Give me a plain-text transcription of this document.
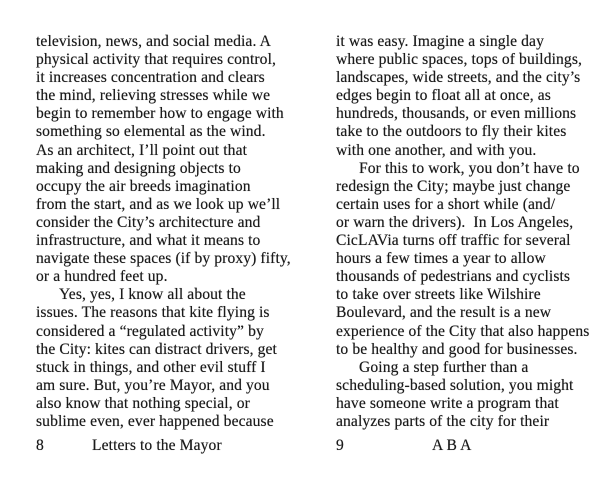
television, news, and social media. A
physical activity that requires control,
it increases concentration and clears
the mind, relieving stresses while we
begin to remember how to engage with
something so elemental as the wind.
As an architect, I’ll point out that
making and designing objects to
occupy the air breeds imagination
from the start, and as we look up we’ll
consider the City’s architecture and
infrastructure, and what it means to
navigate these spaces (if by proxy) fifty,
or a hundred feet up.
Yes, yes, I know all about the
issues. The reasons that kite flying is
considered a “regulated activity” by
the City: kites can distract drivers, get
stuck in things, and other evil stuff I
am sure. But, you’re Mayor, and you
also know that nothing special, or
sublime even, ever happened because
it was easy. Imagine a single day
where public spaces, tops of buildings,
landscapes, wide streets, and the city’s
edges begin to float all at once, as
hundreds, thousands, or even millions
take to the outdoors to fly their kites
with one another, and with you.
For this to work, you don’t have to
redesign the City; maybe just change
certain uses for a short while (and/
or warn the drivers).  In Los Angeles,
CicLAVia turns off traffic for several
hours a few times a year to allow
thousands of pedestrians and cyclists
to take over streets like Wilshire
Boulevard, and the result is a new
experience of the City that also happens
to be healthy and good for businesses.
Going a step further than a
scheduling-based solution, you might
have someone write a program that
analyzes parts of the city for their
8	Letters to the Mayor	9	A B A
